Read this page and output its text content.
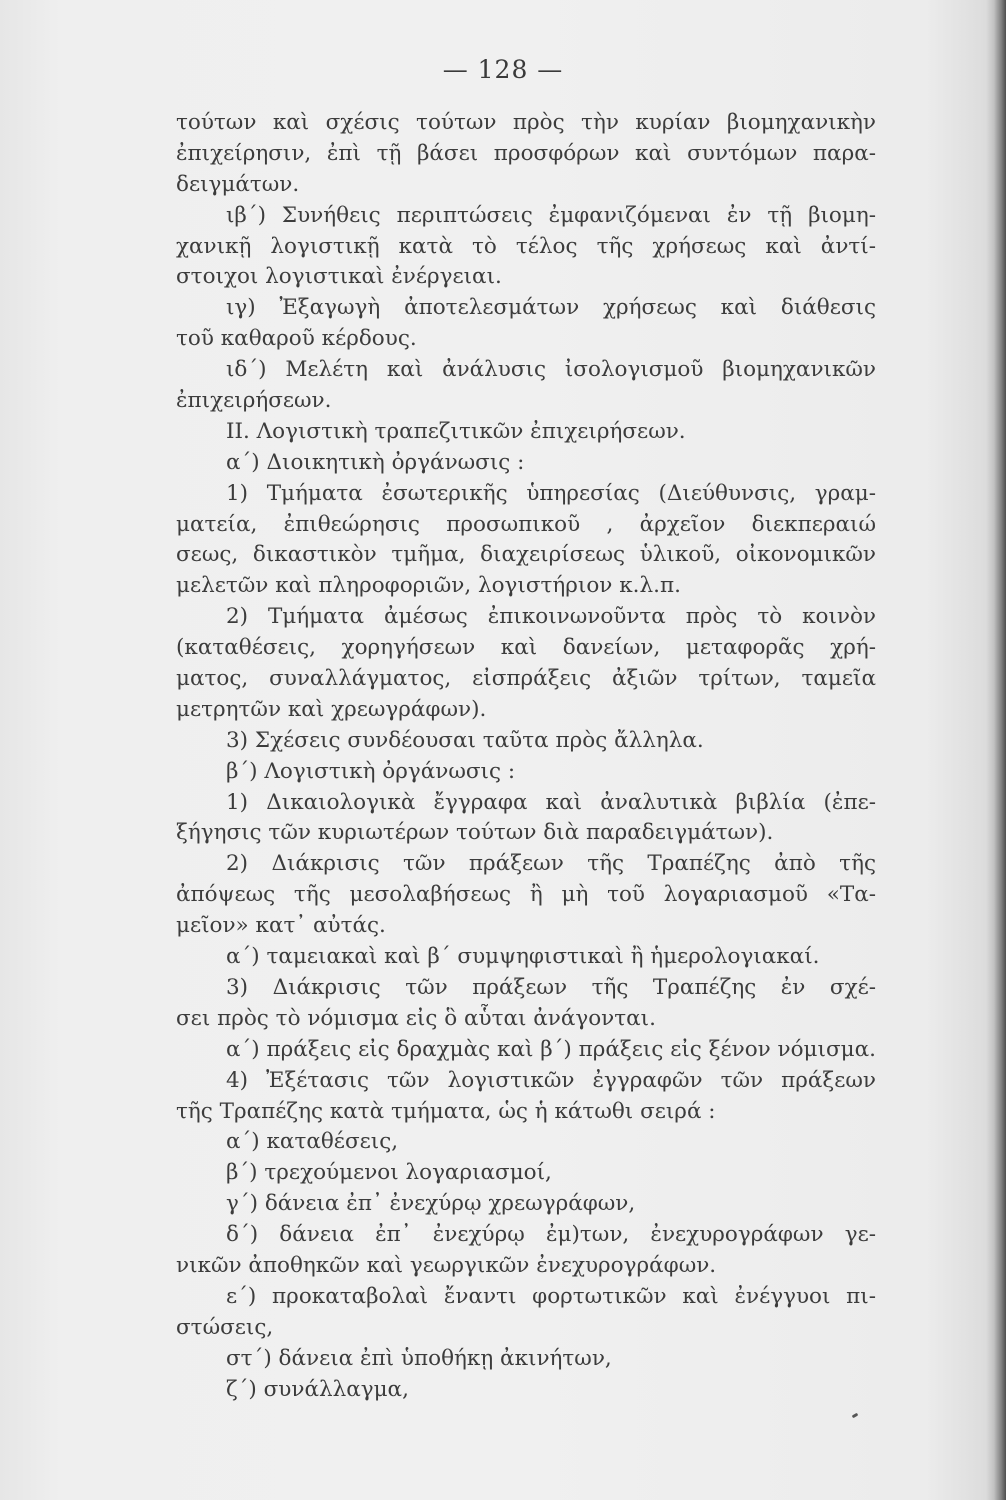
— 128 —
τούτων καὶ σχέσις τούτων πρὸς τὴν κυρίαν βιομηχανικὴν
ἐπιχείρησιν, ἐπὶ τῇ βάσει προσφόρων καὶ συντόμων παρα-
δειγμάτων.
ιβ΄) Συνήθεις περιπτώσεις ἐμφανιζόμεναι ἐν τῇ βιομη-
χανικῇ λογιστικῇ κατὰ τὸ τέλος τῆς χρήσεως καὶ ἀντί-
στοιχοι λογιστικαὶ ἐνέργειαι.
ιγ) Ἐξαγωγὴ ἀποτελεσμάτων χρήσεως καὶ διάθεσις
τοῦ καθαροῦ κέρδους.
ιδ΄) Μελέτη καὶ ἀνάλυσις ἰσολογισμοῦ βιομηχανικῶν
ἐπιχειρήσεων.
II. Λογιστικὴ τραπεζιτικῶν ἐπιχειρήσεων.
α΄) Διοικητικὴ ὀργάνωσις :
1) Τμήματα ἐσωτερικῆς ὑπηρεσίας (Διεύθυνσις, γραμ-
ματεία, ἐπιθεώρησις προσωπικοῦ , ἀρχεῖον διεκπεραιώ
σεως, δικαστικὸν τμῆμα, διαχειρίσεως ὑλικοῦ, οἰκονομικῶν
μελετῶν καὶ πληροφοριῶν, λογιστήριον κ.λ.π.
2) Τμήματα ἀμέσως ἐπικοινωνοῦντα πρὸς τὸ κοινὸν
(καταθέσεις, χορηγήσεων καὶ δανείων, μεταφορᾶς χρή-
ματος, συναλλάγματος, εἰσπράξεις ἀξιῶν τρίτων, ταμεῖα
μετρητῶν καὶ χρεωγράφων).
3) Σχέσεις συνδέουσαι ταῦτα πρὸς ἄλληλα.
β΄) Λογιστικὴ ὀργάνωσις :
1) Δικαιολογικὰ ἔγγραφα καὶ ἀναλυτικὰ βιβλία (ἐπε-
ξήγησις τῶν κυριωτέρων τούτων διὰ παραδειγμάτων).
2) Διάκρισις τῶν πράξεων τῆς Τραπέζης ἀπὸ τῆς
ἀπόψεως τῆς μεσολαβήσεως ἢ μὴ τοῦ λογαριασμοῦ «Τα-
μεῖον» κατ᾽ αὐτάς.
α΄) ταμειακαὶ καὶ β΄ συμψηφιστικαὶ ἢ ἡμερολογιακαί.
3) Διάκρισις τῶν πράξεων τῆς Τραπέζης ἐν σχέ-
σει πρὸς τὸ νόμισμα εἰς ὃ αὗται ἀνάγονται.
α΄) πράξεις εἰς δραχμὰς καὶ β΄) πράξεις εἰς ξένον νόμισμα.
4) Ἐξέτασις τῶν λογιστικῶν ἐγγραφῶν τῶν πράξεων
τῆς Τραπέζης κατὰ τμήματα, ὡς ἡ κάτωθι σειρά :
α΄) καταθέσεις,
β΄) τρεχούμενοι λογαριασμοί,
γ΄) δάνεια ἐπ᾽ ἐνεχύρῳ χρεωγράφων,
δ΄) δάνεια ἐπ᾽ ἐνεχύρῳ ἐμ)των, ἐνεχυρογράφων γε-
νικῶν ἀποθηκῶν καὶ γεωργικῶν ἐνεχυρογράφων.
ε΄) προκαταβολαὶ ἔναντι φορτωτικῶν καὶ ἐνέγγυοι πι-
στώσεις,
στ΄) δάνεια ἐπὶ ὑποθήκῃ ἀκινήτων,
ζ΄) συνάλλαγμα,
